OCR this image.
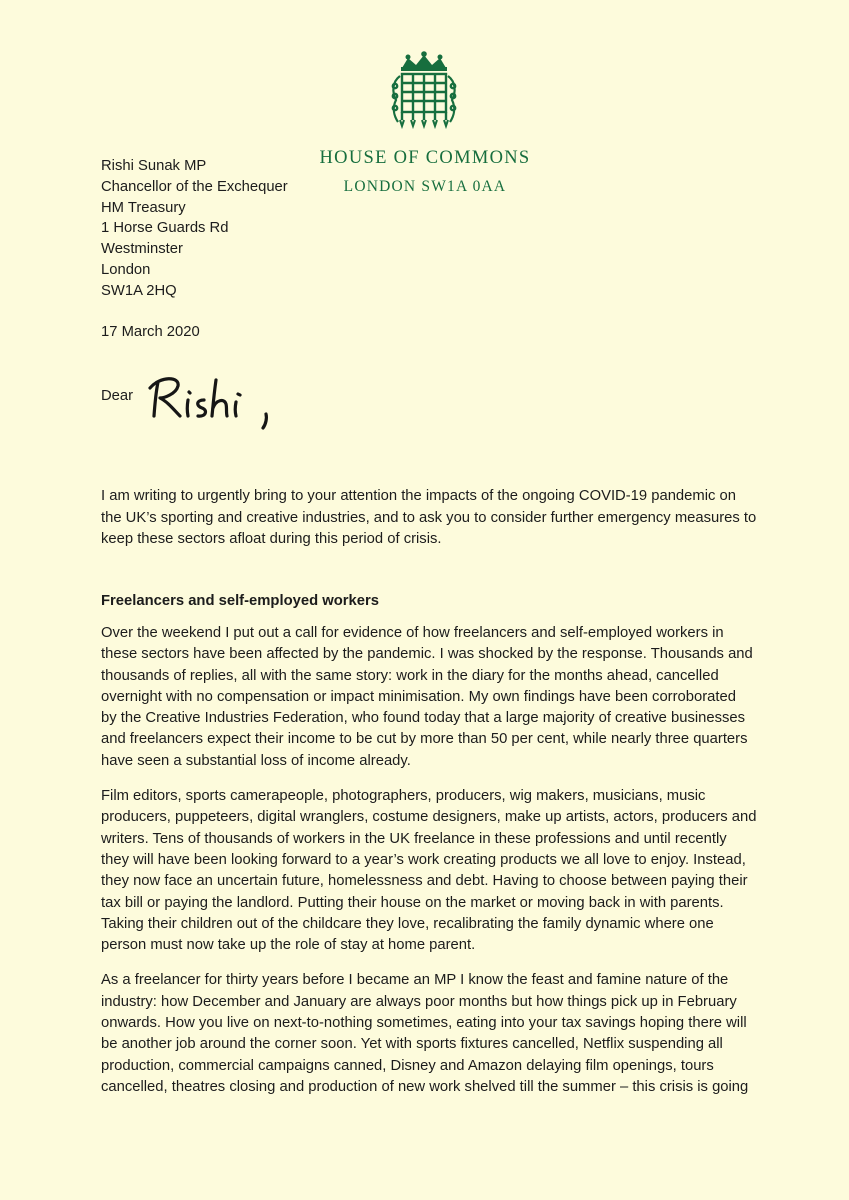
HOUSE OF COMMONS
LONDON SW1A 0AA
Rishi Sunak MP
Chancellor of the Exchequer
HM Treasury
1 Horse Guards Rd
Westminster
London
SW1A 2HQ
17 March 2020
Dear
I am writing to urgently bring to your attention the impacts of the ongoing COVID-19 pandemic on
the UK’s sporting and creative industries, and to ask you to consider further emergency measures to
keep these sectors afloat during this period of crisis.
Freelancers and self-employed workers

Over the weekend I put out a call for evidence of how freelancers and self-employed workers in
these sectors have been affected by the pandemic. I was shocked by the response. Thousands and
thousands of replies, all with the same story: work in the diary for the months ahead, cancelled
overnight with no compensation or impact minimisation. My own findings have been corroborated
by the Creative Industries Federation, who found today that a large majority of creative businesses
and freelancers expect their income to be cut by more than 50 per cent, while nearly three quarters
have seen a substantial loss of income already.

Film editors, sports camerapeople, photographers, producers, wig makers, musicians, music
producers, puppeteers, digital wranglers, costume designers, make up artists, actors, producers and
writers. Tens of thousands of workers in the UK freelance in these professions and until recently
they will have been looking forward to a year’s work creating products we all love to enjoy. Instead,
they now face an uncertain future, homelessness and debt. Having to choose between paying their
tax bill or paying the landlord. Putting their house on the market or moving back in with parents.
Taking their children out of the childcare they love, recalibrating the family dynamic where one
person must now take up the role of stay at home parent.

As a freelancer for thirty years before I became an MP I know the feast and famine nature of the
industry: how December and January are always poor months but how things pick up in February
onwards. How you live on next-to-nothing sometimes, eating into your tax savings hoping there will
be another job around the corner soon. Yet with sports fixtures cancelled, Netflix suspending all
production, commercial campaigns canned, Disney and Amazon delaying film openings, tours
cancelled, theatres closing and production of new work shelved till the summer – this crisis is going
